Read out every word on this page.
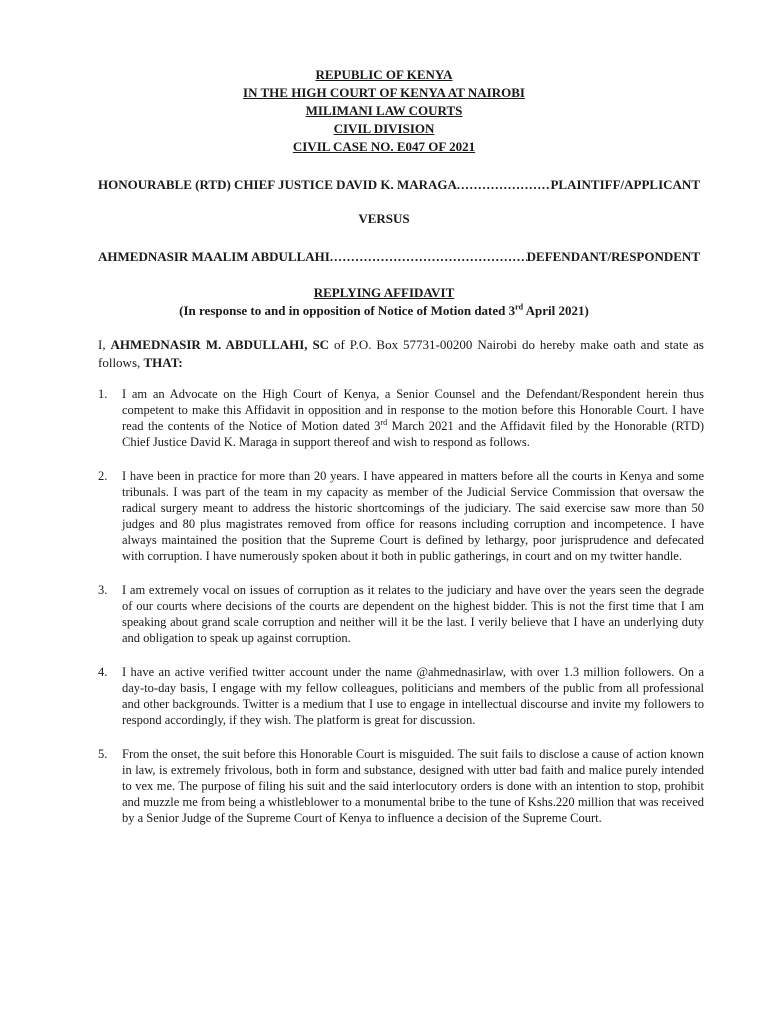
REPUBLIC OF KENYA
IN THE HIGH COURT OF KENYA AT NAIROBI
MILIMANI LAW COURTS
CIVIL DIVISION
CIVIL CASE NO. E047 OF 2021
HONOURABLE (RTD) CHIEF JUSTICE DAVID K. MARAGA .....	PLAINTIFF/APPLICANT
VERSUS
AHMEDNASIR MAALIM ABDULLAHI .....	DEFENDANT/RESPONDENT
REPLYING AFFIDAVIT
(In response to and in opposition of Notice of Motion dated 3rd April 2021)
I, AHMEDNASIR M. ABDULLAHI, SC of P.O. Box 57731-00200 Nairobi do hereby make oath and state as follows, THAT:
1. I am an Advocate on the High Court of Kenya, a Senior Counsel and the Defendant/Respondent herein thus competent to make this Affidavit in opposition and in response to the motion before this Honorable Court. I have read the contents of the Notice of Motion dated 3rd March 2021 and the Affidavit filed by the Honorable (RTD) Chief Justice David K. Maraga in support thereof and wish to respond as follows.
2. I have been in practice for more than 20 years. I have appeared in matters before all the courts in Kenya and some tribunals. I was part of the team in my capacity as member of the Judicial Service Commission that oversaw the radical surgery meant to address the historic shortcomings of the judiciary. The said exercise saw more than 50 judges and 80 plus magistrates removed from office for reasons including corruption and incompetence. I have always maintained the position that the Supreme Court is defined by lethargy, poor jurisprudence and defecated with corruption. I have numerously spoken about it both in public gatherings, in court and on my twitter handle.
3. I am extremely vocal on issues of corruption as it relates to the judiciary and have over the years seen the degrade of our courts where decisions of the courts are dependent on the highest bidder. This is not the first time that I am speaking about grand scale corruption and neither will it be the last. I verily believe that I have an underlying duty and obligation to speak up against corruption.
4. I have an active verified twitter account under the name @ahmednasirlaw, with over 1.3 million followers. On a day-to-day basis, I engage with my fellow colleagues, politicians and members of the public from all professional and other backgrounds. Twitter is a medium that I use to engage in intellectual discourse and invite my followers to respond accordingly, if they wish. The platform is great for discussion.
5. From the onset, the suit before this Honorable Court is misguided. The suit fails to disclose a cause of action known in law, is extremely frivolous, both in form and substance, designed with utter bad faith and malice purely intended to vex me. The purpose of filing his suit and the said interlocutory orders is done with an intention to stop, prohibit and muzzle me from being a whistleblower to a monumental bribe to the tune of Kshs.220 million that was received by a Senior Judge of the Supreme Court of Kenya to influence a decision of the Supreme Court.
